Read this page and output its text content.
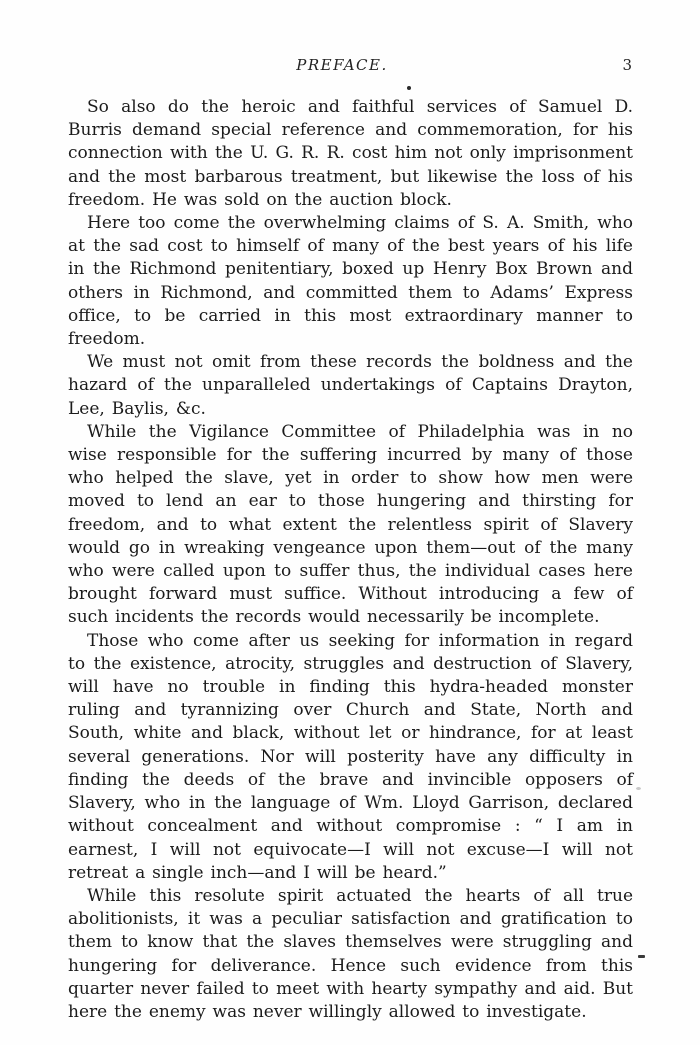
PREFACE.	3

So also do the heroic and faithful services of Samuel D. Burris demand special reference and commemoration, for his connection with the U. G. R. R. cost him not only imprisonment and the most barbarous treatment, but likewise the loss of his freedom. He was sold on the auction block.

Here too come the overwhelming claims of S. A. Smith, who at the sad cost to himself of many of the best years of his life in the Richmond penitentiary, boxed up Henry Box Brown and others in Richmond, and committed them to Adams’ Express office, to be carried in this most extraordinary manner to freedom.

We must not omit from these records the boldness and the hazard of the unparalleled undertakings of Captains Drayton, Lee, Baylis, &c.

While the Vigilance Committee of Philadelphia was in no wise responsible for the suffering incurred by many of those who helped the slave, yet in order to show how men were moved to lend an ear to those hungering and thirsting for freedom, and to what extent the relentless spirit of Slavery would go in wreaking vengeance upon them—out of the many who were called upon to suffer thus, the individual cases here brought forward must suffice. Without introducing a few of such incidents the records would necessarily be incomplete.

Those who come after us seeking for information in regard to the existence, atrocity, struggles and destruction of Slavery, will have no trouble in finding this hydra-headed monster ruling and tyrannizing over Church and State, North and South, white and black, without let or hindrance, for at least several generations. Nor will posterity have any difficulty in finding the deeds of the brave and invincible opposers of Slavery, who in the language of Wm. Lloyd Garrison, declared without concealment and without compromise : “ I am in earnest, I will not equivocate—I will not excuse—I will not retreat a single inch—and I will be heard.”

While this resolute spirit actuated the hearts of all true abolitionists, it was a peculiar satisfaction and gratification to them to know that the slaves themselves were struggling and hungering for deliverance. Hence such evidence from this quarter never failed to meet with hearty sympathy and aid. But here the enemy was never willingly allowed to investigate.
